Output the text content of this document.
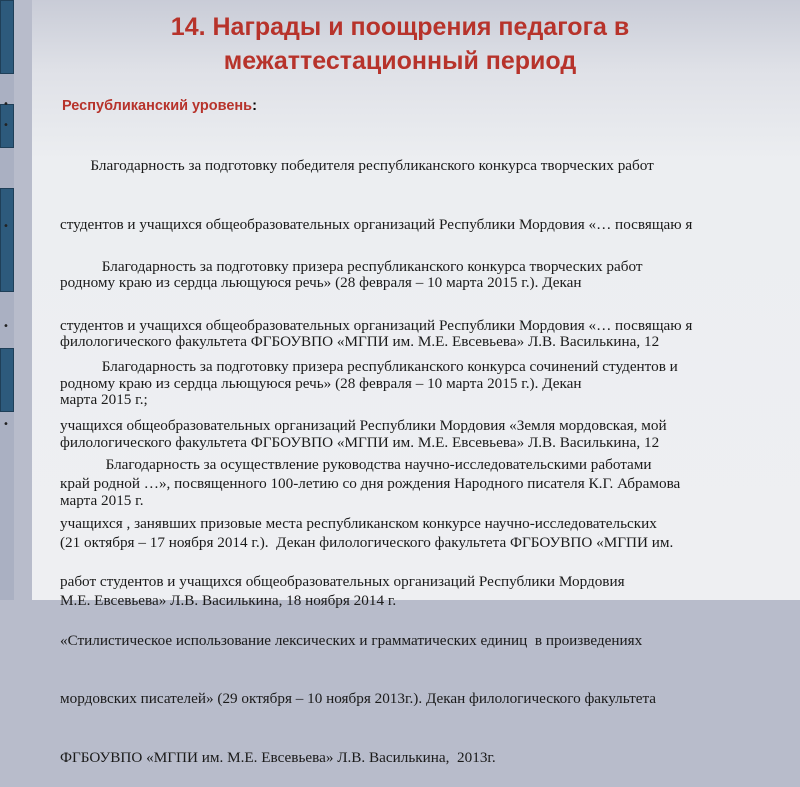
14. Награды и поощрения педагога в
межаттестационный период
•
•
•
•
•
Республиканский уровень:

Благодарность за подготовку победителя республиканского конкурса творческих работ

студентов и учащихся общеобразовательных организаций Республики Мордовия «… посвящаю я

родному краю из сердца льющуюся речь» (28 февраля – 10 марта 2015 г.). Декан

филологического факультета ФГБОУВПО «МГПИ им. М.Е. Евсевьева» Л.В. Василькина, 12

марта 2015 г.;

Благодарность за подготовку призера республиканского конкурса творческих работ

студентов и учащихся общеобразовательных организаций Республики Мордовия «… посвящаю я

родному краю из сердца льющуюся речь» (28 февраля – 10 марта 2015 г.). Декан

филологического факультета ФГБОУВПО «МГПИ им. М.Е. Евсевьева» Л.В. Василькина, 12

марта 2015 г.

Благодарность за подготовку призера республиканского конкурса сочинений студентов и

учащихся общеобразовательных организаций Республики Мордовия «Земля мордовская, мой

край родной …», посвященного 100-летию со дня рождения Народного писателя К.Г. Абрамова

(21 октября – 17 ноября 2014 г.).  Декан филологического факультета ФГБОУВПО «МГПИ им.

М.Е. Евсевьева» Л.В. Василькина, 18 ноября 2014 г.

Благодарность за осуществление руководства научно-исследовательскими работами

учащихся , занявших призовые места республиканском конкурсе научно-исследовательских

работ студентов и учащихся общеобразовательных организаций Республики Мордовия

«Стилистическое использование лексических и грамматических единиц  в произведениях

мордовских писателей» (29 октября – 10 ноября 2013г.). Декан филологического факультета

ФГБОУВПО «МГПИ им. М.Е. Евсевьева» Л.В. Василькина,  2013г.
